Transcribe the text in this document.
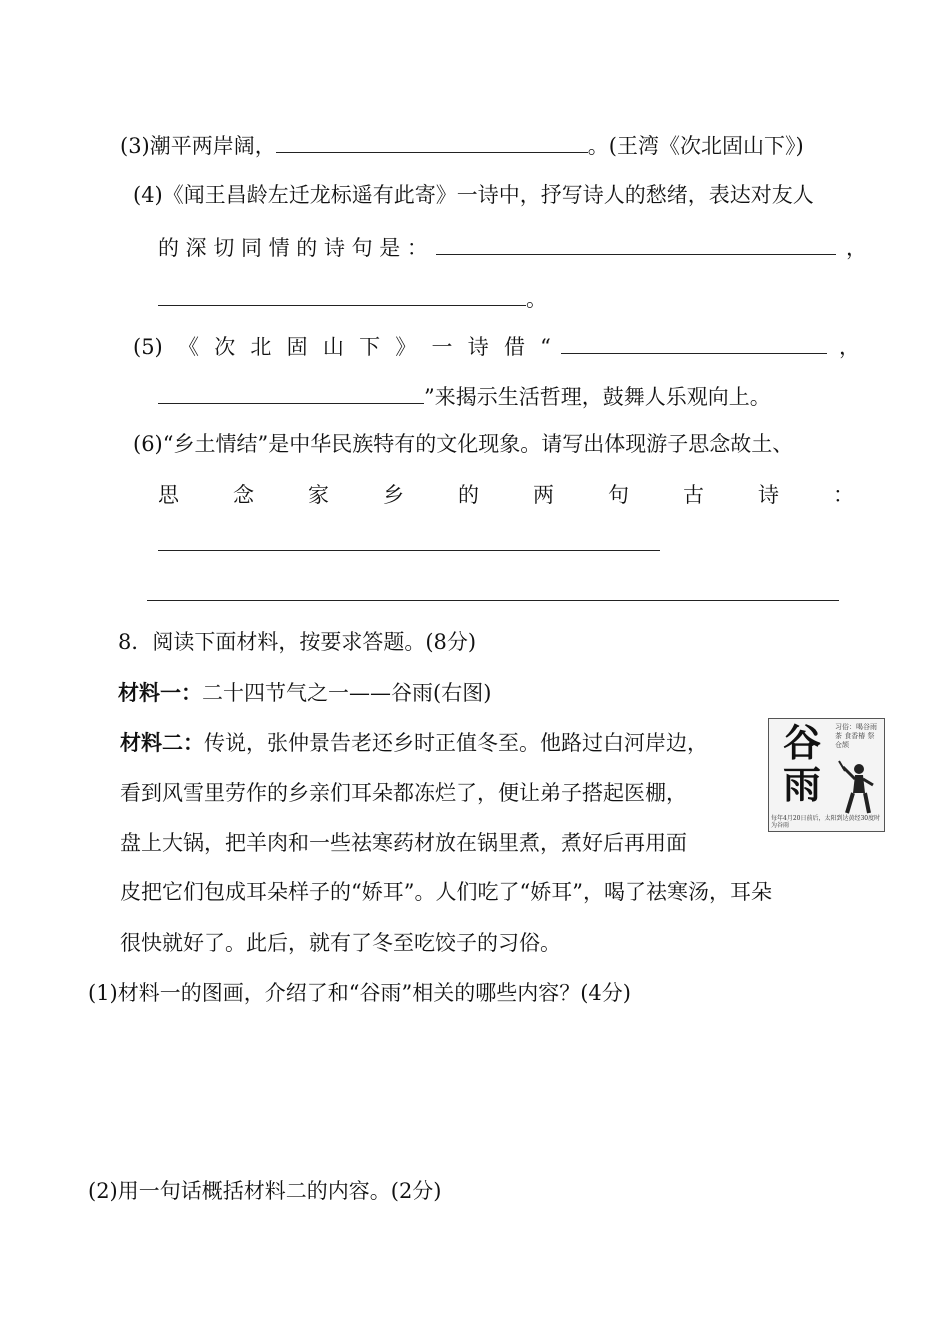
(3)潮平两岸阔，	。(王湾《次北固山下》)
(4)《闻王昌龄左迁龙标遥有此寄》一诗中，抒写诗人的愁绪，表达对友人
的 深 切 同 情 的 诗 句 是 ：	，
。
(5) 《 次 北 固 山 下 》 一 诗 借 “	，
”来揭示生活哲理，鼓舞人乐观向上。
(6)“乡土情结”是中华民族特有的文化现象。请写出体现游子思念故土、
思	念	家	乡	的	两	句	古	诗	：
8．阅读下面材料，按要求答题。(8分)
材料一：二十四节气之一——谷雨(右图)
材料二：传说，张仲景告老还乡时正值冬至。他路过白河岸边，
看到风雪里劳作的乡亲们耳朵都冻烂了，便让弟子搭起医棚，
盘上大锅，把羊肉和一些祛寒药材放在锅里煮，煮好后再用面
皮把它们包成耳朵样子的“娇耳”。人们吃了“娇耳”，喝了祛寒汤，耳朵
很快就好了。此后，就有了冬至吃饺子的习俗。
谷
雨
习俗：喝谷雨茶 食香椿 祭仓颉
每年4月20日前后，太阳到达黄经30度时为谷雨
(1)材料一的图画，介绍了和“谷雨”相关的哪些内容？(4分)
(2)用一句话概括材料二的内容。(2分)
